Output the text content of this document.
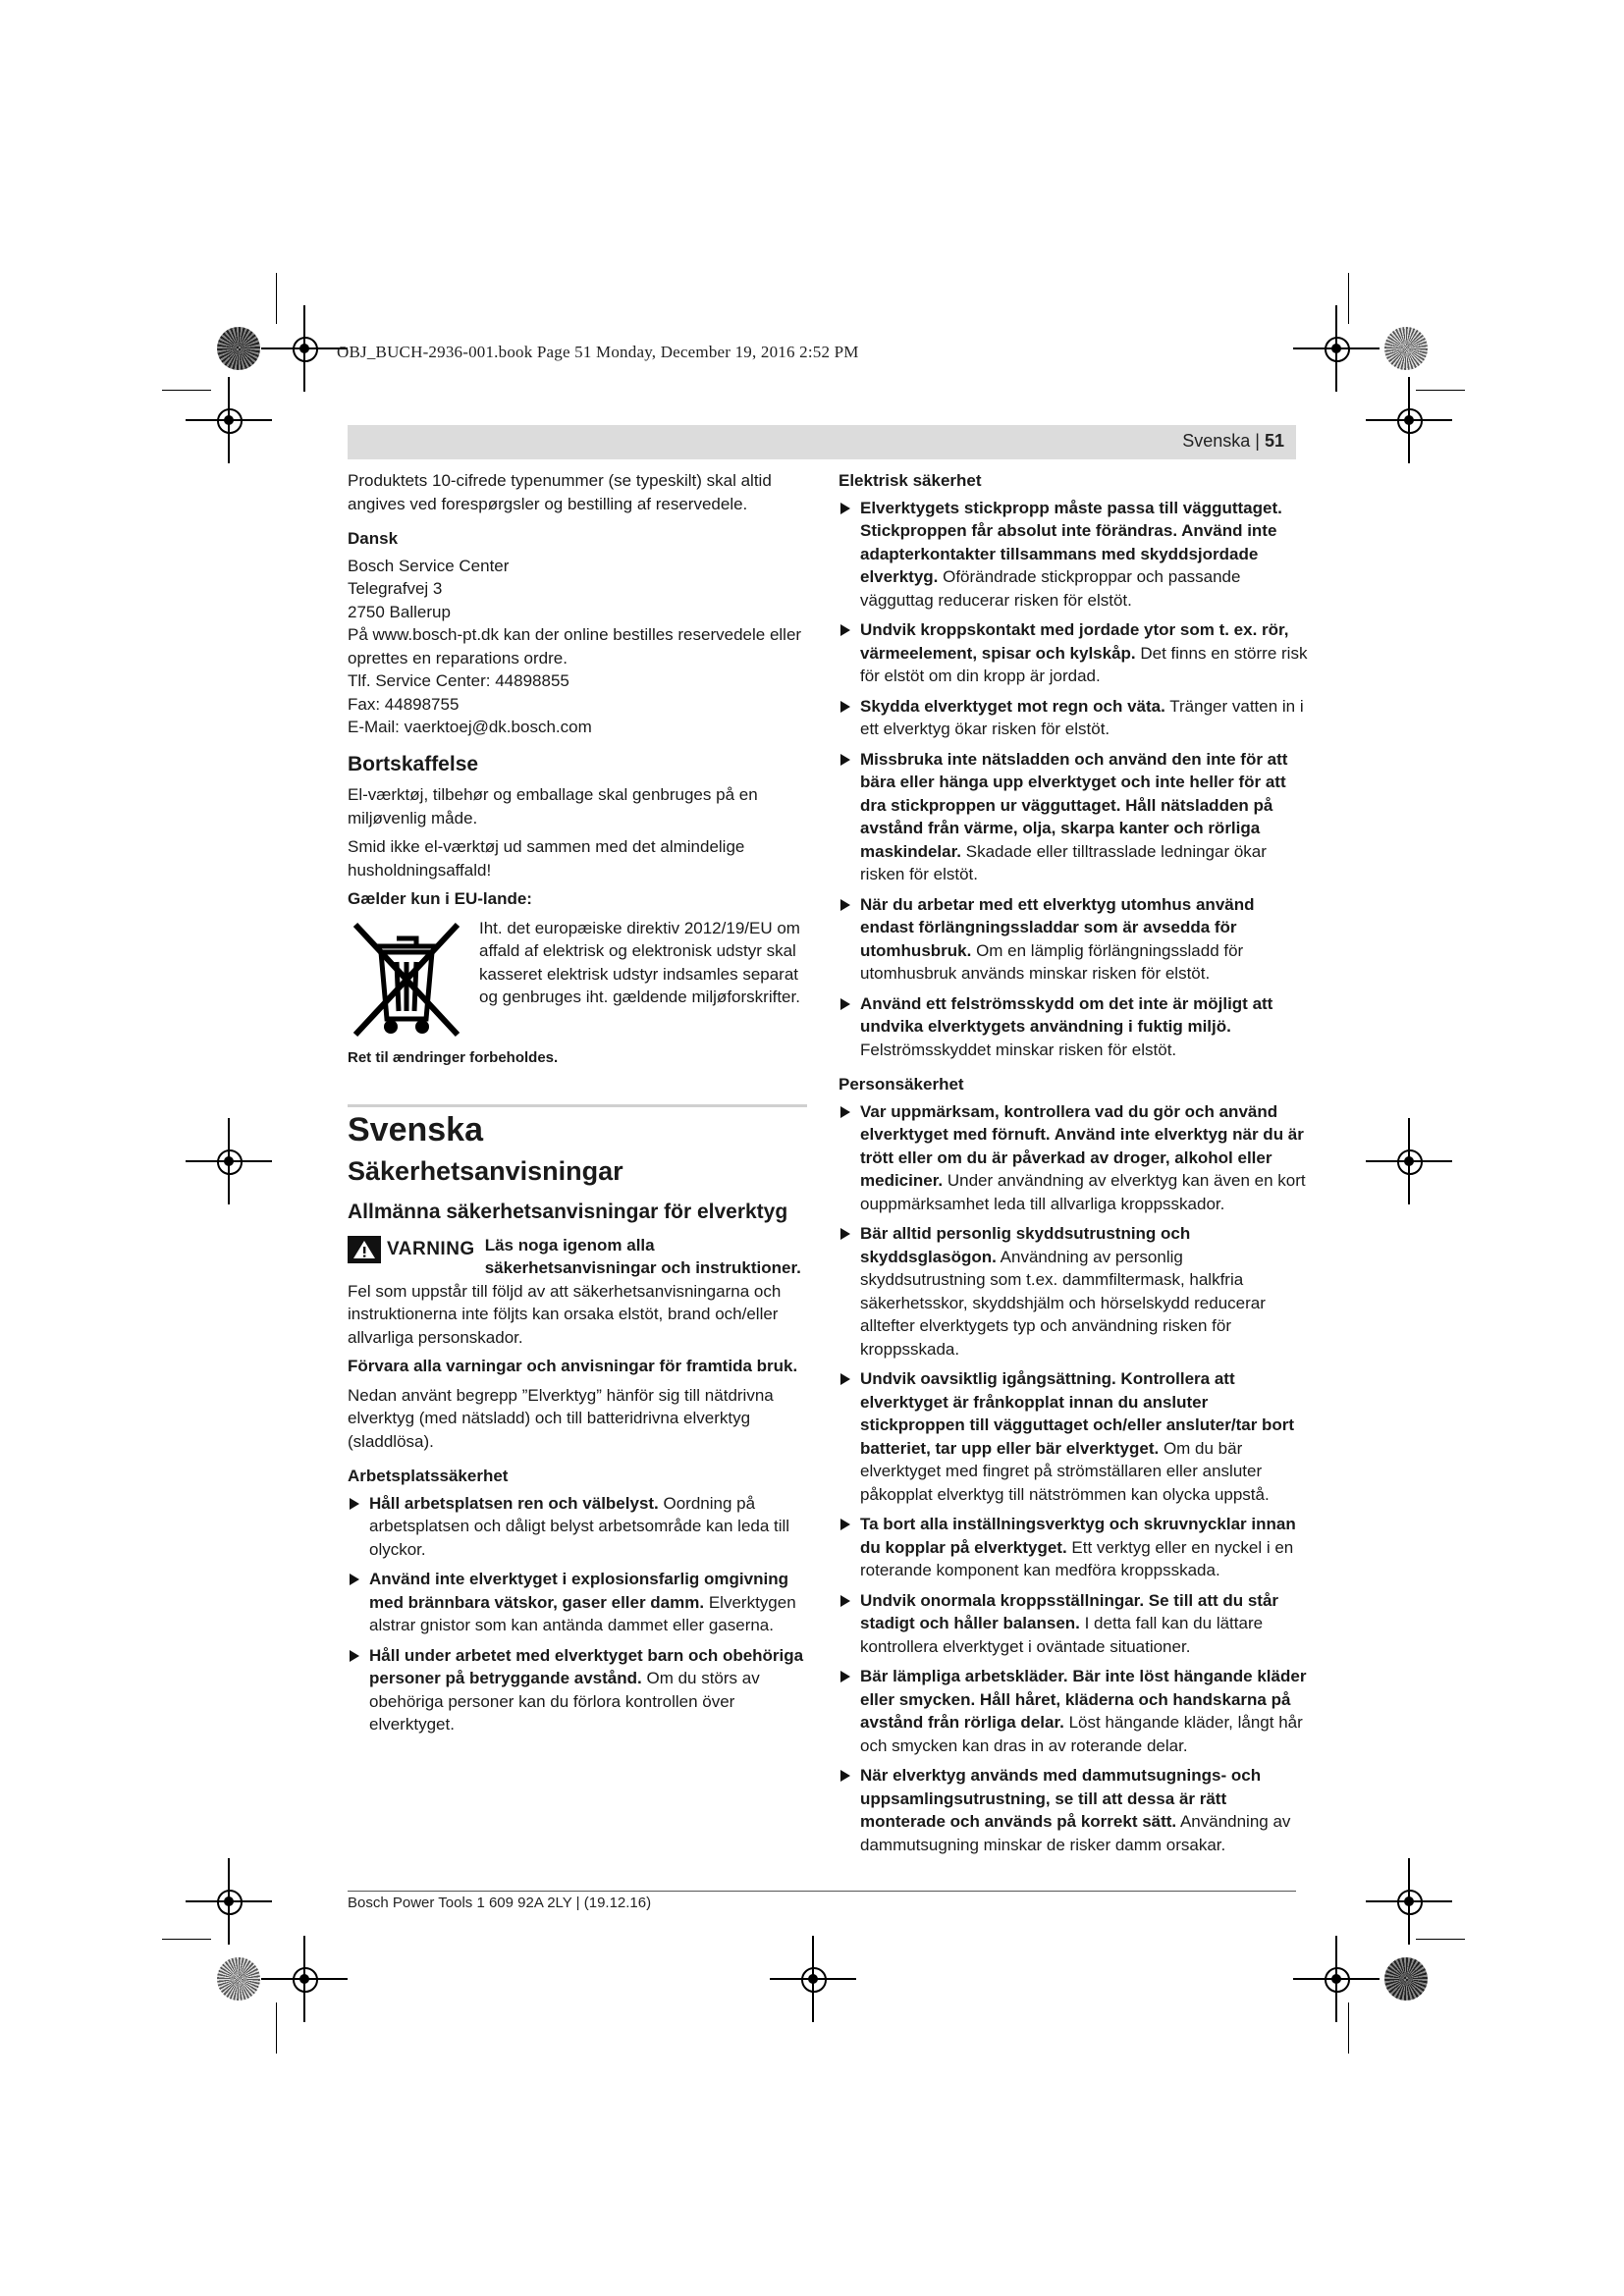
OBJ_BUCH-2936-001.book Page 51 Monday, December 19, 2016 2:52 PM
Svenska | 51

Produktets 10-cifrede typenummer (se typeskilt) skal altid angives ved forespørgsler og bestilling af reservedele.

Dansk

Bosch Service Center

Telegrafvej 3

2750 Ballerup

På www.bosch-pt.dk kan der online bestilles reservedele eller oprettes en reparations ordre.

Tlf. Service Center: 44898855

Fax: 44898755

E-Mail: vaerktoej@dk.bosch.com

Bortskaffelse

El-værktøj, tilbehør og emballage skal genbruges på en miljøvenlig måde.

Smid ikke el-værktøj ud sammen med det almindelige husholdningsaffald!

Gælder kun i EU-lande:

Iht. det europæiske direktiv 2012/19/EU om affald af elektrisk og elektronisk udstyr skal kasseret elektrisk udstyr indsamles separat og genbruges iht. gældende miljøforskrifter.

Ret til ændringer forbeholdes.

Svenska
Säkerhetsanvisningar
Allmänna säkerhetsanvisningar för elverktyg
VARNING Läs noga igenom alla säkerhetsanvisningar och instruktioner. Fel som uppstår till följd av att säkerhetsanvisningarna och instruktionerna inte följts kan orsaka elstöt, brand och/eller allvarliga personskador.

Förvara alla varningar och anvisningar för framtida bruk.

Nedan använt begrepp ”Elverktyg” hänför sig till nätdrivna elverktyg (med nätsladd) och till batteridrivna elverktyg (sladdlösa).

Arbetsplatssäkerhet
Håll arbetsplatsen ren och välbelyst. Oordning på arbetsplatsen och dåligt belyst arbetsområde kan leda till olyckor.
Använd inte elverktyget i explosionsfarlig omgivning med brännbara vätskor, gaser eller damm. Elverktygen alstrar gnistor som kan antända dammet eller gaserna.
Håll under arbetet med elverktyget barn och obehöriga personer på betryggande avstånd. Om du störs av obehöriga personer kan du förlora kontrollen över elverktyget.
Elektrisk säkerhet
Elverktygets stickpropp måste passa till vägguttaget. Stickproppen får absolut inte förändras. Använd inte adapterkontakter tillsammans med skyddsjordade elverktyg. Oförändrade stickproppar och passande vägguttag reducerar risken för elstöt.
Undvik kroppskontakt med jordade ytor som t. ex. rör, värmeelement, spisar och kylskåp. Det finns en större risk för elstöt om din kropp är jordad.
Skydda elverktyget mot regn och väta. Tränger vatten in i ett elverktyg ökar risken för elstöt.
Missbruka inte nätsladden och använd den inte för att bära eller hänga upp elverktyget och inte heller för att dra stickproppen ur vägguttaget. Håll nätsladden på avstånd från värme, olja, skarpa kanter och rörliga maskindelar. Skadade eller tilltrasslade ledningar ökar risken för elstöt.
När du arbetar med ett elverktyg utomhus använd endast förlängningssladdar som är avsedda för utomhusbruk. Om en lämplig förlängningssladd för utomhusbruk används minskar risken för elstöt.
Använd ett felströmsskydd om det inte är möjligt att undvika elverktygets användning i fuktig miljö. Felströmsskyddet minskar risken för elstöt.
Personsäkerhet
Var uppmärksam, kontrollera vad du gör och använd elverktyget med förnuft. Använd inte elverktyg när du är trött eller om du är påverkad av droger, alkohol eller mediciner. Under användning av elverktyg kan även en kort ouppmärksamhet leda till allvarliga kroppsskador.
Bär alltid personlig skyddsutrustning och skyddsglasögon. Användning av personlig skyddsutrustning som t.ex. dammfiltermask, halkfria säkerhetsskor, skyddshjälm och hörselskydd reducerar alltefter elverktygets typ och användning risken för kroppsskada.
Undvik oavsiktlig igångsättning. Kontrollera att elverktyget är frånkopplat innan du ansluter stickproppen till vägguttaget och/eller ansluter/tar bort batteriet, tar upp eller bär elverktyget. Om du bär elverktyget med fingret på strömställaren eller ansluter påkopplat elverktyg till nätströmmen kan olycka uppstå.
Ta bort alla inställningsverktyg och skruvnycklar innan du kopplar på elverktyget. Ett verktyg eller en nyckel i en roterande komponent kan medföra kroppsskada.
Undvik onormala kroppsställningar. Se till att du står stadigt och håller balansen. I detta fall kan du lättare kontrollera elverktyget i oväntade situationer.
Bär lämpliga arbetskläder. Bär inte löst hängande kläder eller smycken. Håll håret, kläderna och handskarna på avstånd från rörliga delar. Löst hängande kläder, långt hår och smycken kan dras in av roterande delar.
När elverktyg används med dammutsugnings- och uppsamlingsutrustning, se till att dessa är rätt monterade och används på korrekt sätt. Användning av dammutsugning minskar de risker damm orsakar.
Bosch Power Tools 1 609 92A 2LY | (19.12.16)
